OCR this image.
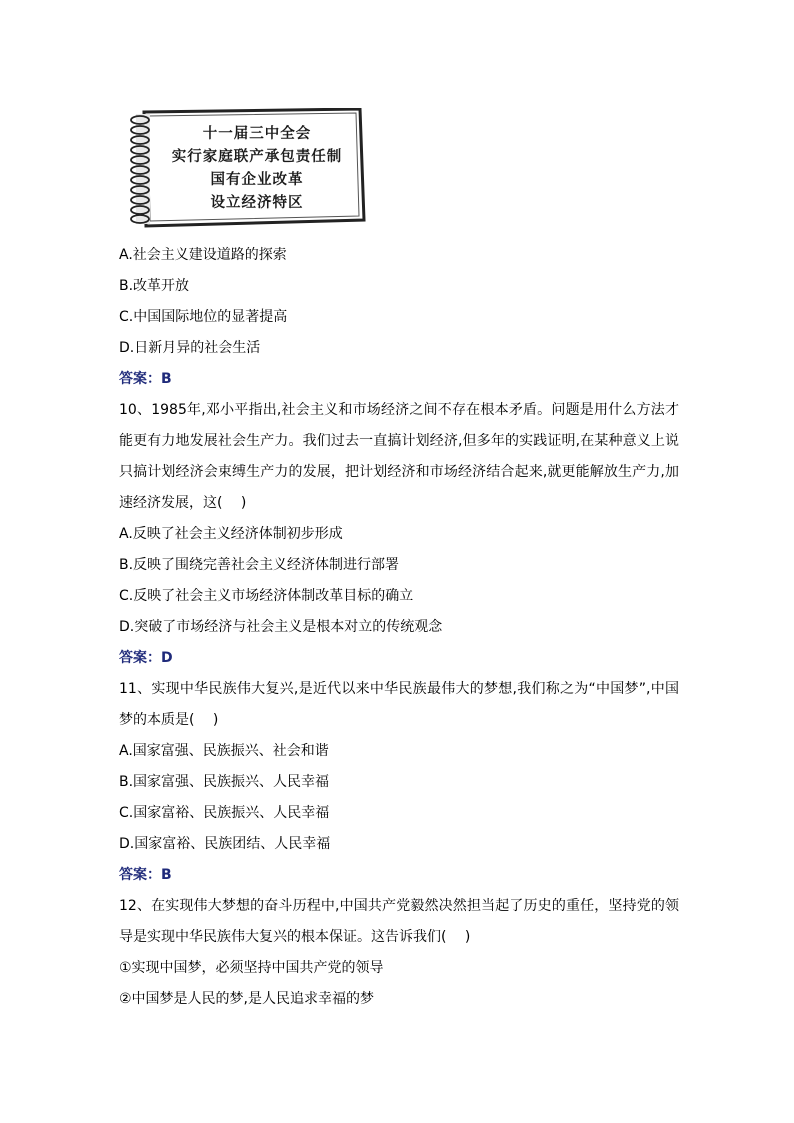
十一届三中全会
实行家庭联产承包责任制
国有企业改革
设立经济特区
A.社会主义建设道路的探索
B.改革开放
C.中国国际地位的显著提高
D.日新月异的社会生活
答案：B
10、1985年,邓小平指出,社会主义和市场经济之间不存在根本矛盾。问题是用什么方法才能更有力地发展社会生产力。我们过去一直搞计划经济,但多年的实践证明,在某种意义上说只搞计划经济会束缚生产力的发展，把计划经济和市场经济结合起来,就更能解放生产力,加速经济发展，这(　 )
A.反映了社会主义经济体制初步形成
B.反映了围绕完善社会主义经济体制进行部署
C.反映了社会主义市场经济体制改革目标的确立
D.突破了市场经济与社会主义是根本对立的传统观念
答案：D
11、实现中华民族伟大复兴,是近代以来中华民族最伟大的梦想,我们称之为“中国梦”,中国梦的本质是(　 )
A.国家富强、民族振兴、社会和谐
B.国家富强、民族振兴、人民幸福
C.国家富裕、民族振兴、人民幸福
D.国家富裕、民族团结、人民幸福
答案：B
12、在实现伟大梦想的奋斗历程中,中国共产党毅然决然担当起了历史的重任，坚持党的领导是实现中华民族伟大复兴的根本保证。这告诉我们(　 )
①实现中国梦，必须坚持中国共产党的领导
②中国梦是人民的梦,是人民追求幸福的梦
